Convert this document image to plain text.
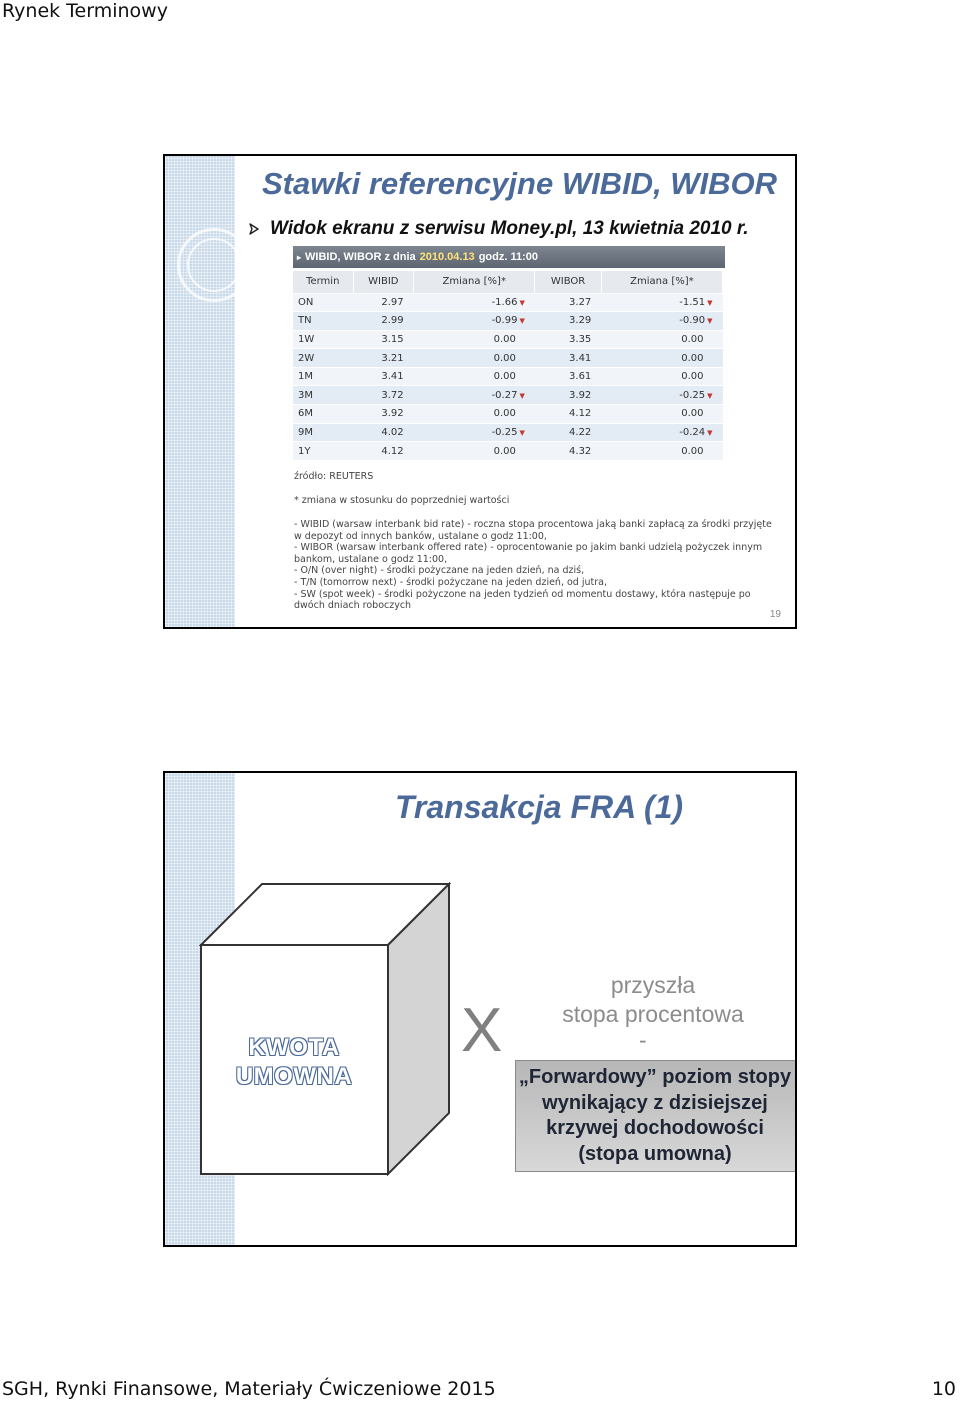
Rynek Terminowy
Stawki referencyjne WIBID, WIBOR
Widok ekranu z serwisu Money.pl, 13 kwietnia 2010 r.
▸ WIBID, WIBOR z dnia 2010.04.13 godz. 11:00
Termin	WIBID	Zmiana [%]*	WIBOR	Zmiana [%]*
ON	2.97	-1.66 ▼	3.27	-1.51 ▼
TN	2.99	-0.99 ▼	3.29	-0.90 ▼
1W	3.15	0.00	3.35	0.00
2W	3.21	0.00	3.41	0.00
1M	3.41	0.00	3.61	0.00
3M	3.72	-0.27 ▼	3.92	-0.25 ▼
6M	3.92	0.00	4.12	0.00
9M	4.02	-0.25 ▼	4.22	-0.24 ▼
1Y	4.12	0.00	4.32	0.00
źródło: REUTERS
* zmiana w stosunku do poprzedniej wartości
- WIBID (warsaw interbank bid rate) - roczna stopa procentowa jaką banki zapłacą za środki przyjęte
w depozyt od innych banków, ustalane o godz 11:00,
- WIBOR (warsaw interbank offered rate) - oprocentowanie po jakim banki udzielą pożyczek innym
bankom, ustalane o godz 11:00,
- O/N (over night) - środki pożyczane na jeden dzień, na dziś,
- T/N (tomorrow next) - środki pożyczane na jeden dzień, od jutra,
- SW (spot week) - środki pożyczone na jeden tydzień od momentu dostawy, która następuje po
dwóch dniach roboczych
19
Transakcja FRA (1)
KWOTA
UMOWNA
X
przyszła
stopa procentowa
-
„Forwardowy” poziom stopy
wynikający z dzisiejszej
krzywej dochodowości
(stopa umowna)
SGH, Rynki Finansowe, Materiały Ćwiczeniowe 2015	10
